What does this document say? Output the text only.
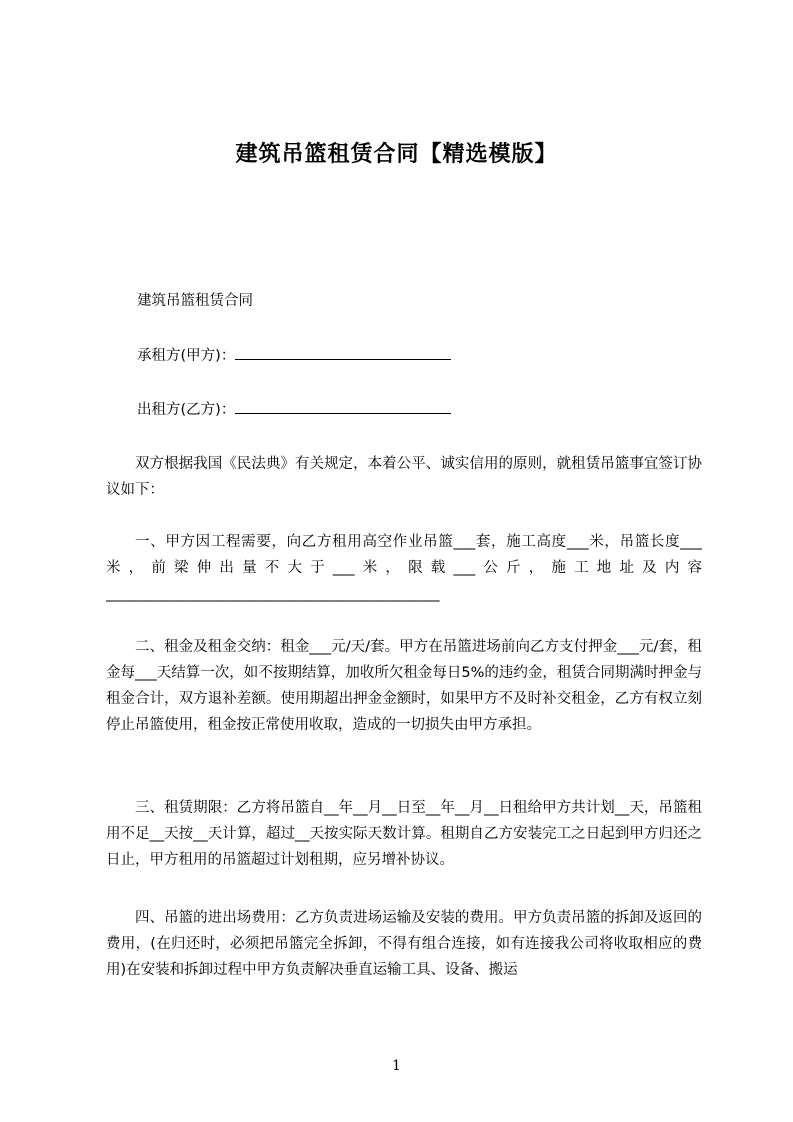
建筑吊篮租赁合同【精选模版】
建筑吊篮租赁合同
承租方(甲方)：
出租方(乙方)：
双方根据我国《民法典》有关规定，本着公平、诚实信用的原则，就租赁吊篮事宜签订协议如下：
一、甲方因工程需要，向乙方租用高空作业吊篮___套，施工高度___米，吊篮长度___米，前梁伸出量不大于___米，限载___公斤，施工地址及内容______________________________________________
二、租金及租金交纳：租金___元/天/套。甲方在吊篮进场前向乙方支付押金___元/套，租金每___天结算一次，如不按期结算，加收所欠租金每日5%的违约金，租赁合同期满时押金与租金合计，双方退补差额。使用期超出押金金额时，如果甲方不及时补交租金，乙方有权立刻停止吊篮使用，租金按正常使用收取，造成的一切损失由甲方承担。
三、租赁期限：乙方将吊篮自__年__月__日至__年__月__日租给甲方共计划__天，吊篮租用不足__天按__天计算，超过__天按实际天数计算。租期自乙方安装完工之日起到甲方归还之日止，甲方租用的吊篮超过计划租期，应另增补协议。
四、吊篮的进出场费用：乙方负责进场运输及安装的费用。甲方负责吊篮的拆卸及返回的费用，(在归还时，必须把吊篮完全拆卸，不得有组合连接，如有连接我公司将收取相应的费用)在安装和拆卸过程中甲方负责解决垂直运输工具、设备、搬运
1
